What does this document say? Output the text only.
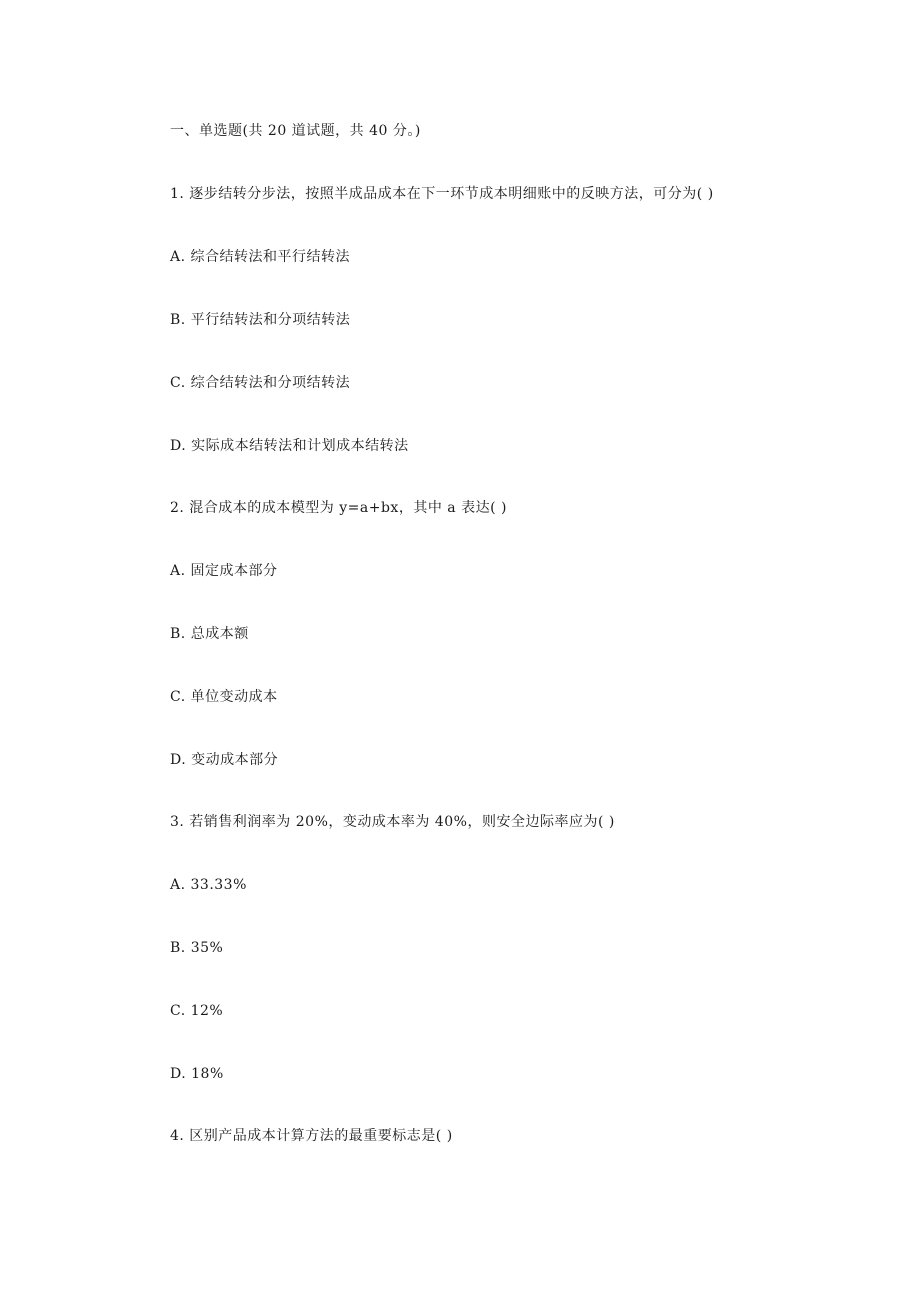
一、单选题(共 20 道试题，共 40 分。)
1. 逐步结转分步法，按照半成品成本在下一环节成本明细账中的反映方法，可分为( )
A. 综合结转法和平行结转法
B. 平行结转法和分项结转法
C. 综合结转法和分项结转法
D. 实际成本结转法和计划成本结转法
2. 混合成本的成本模型为 y=a+bx，其中 a 表达( )
A. 固定成本部分
B. 总成本额
C. 单位变动成本
D. 变动成本部分
3. 若销售利润率为 20%，变动成本率为 40%，则安全边际率应为( )
A. 33.33%
B. 35%
C. 12%
D. 18%
4. 区别产品成本计算方法的最重要标志是( )
